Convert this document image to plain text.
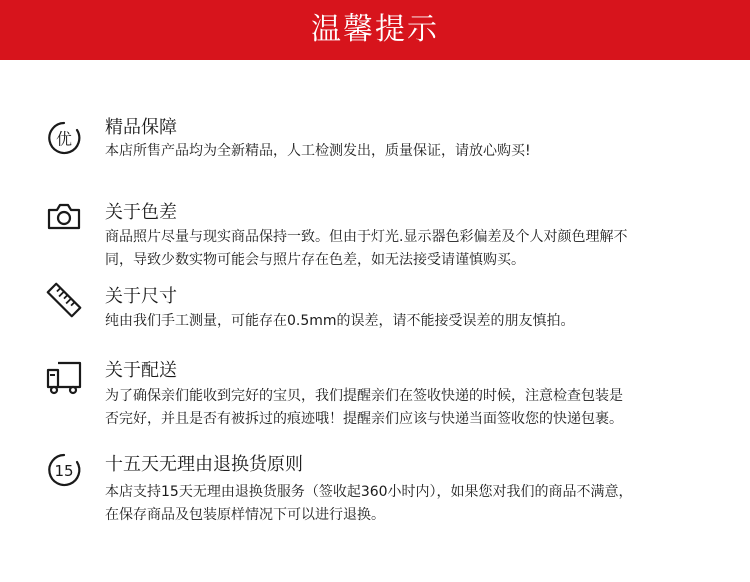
温馨提示
优
精品保障
本店所售产品均为全新精品，人工检测发出，质量保证，请放心购买!
关于色差
商品照片尽量与现实商品保持一致。但由于灯光.显示器色彩偏差及个人对颜色理解不
同，导致少数实物可能会与照片存在色差，如无法接受请谨慎购买。
关于尺寸
纯由我们手工测量，可能存在0.5mm的误差，请不能接受误差的朋友慎拍。
关于配送
为了确保亲们能收到完好的宝贝，我们提醒亲们在签收快递的时候，注意检查包装是
否完好，并且是否有被拆过的痕迹哦！提醒亲们应该与快递当面签收您的快递包裹。
15 十五天无理由退换货原则
本店支持15天无理由退换货服务（签收起360小时内），如果您对我们的商品不满意，
在保存商品及包装原样情况下可以进行退换。
